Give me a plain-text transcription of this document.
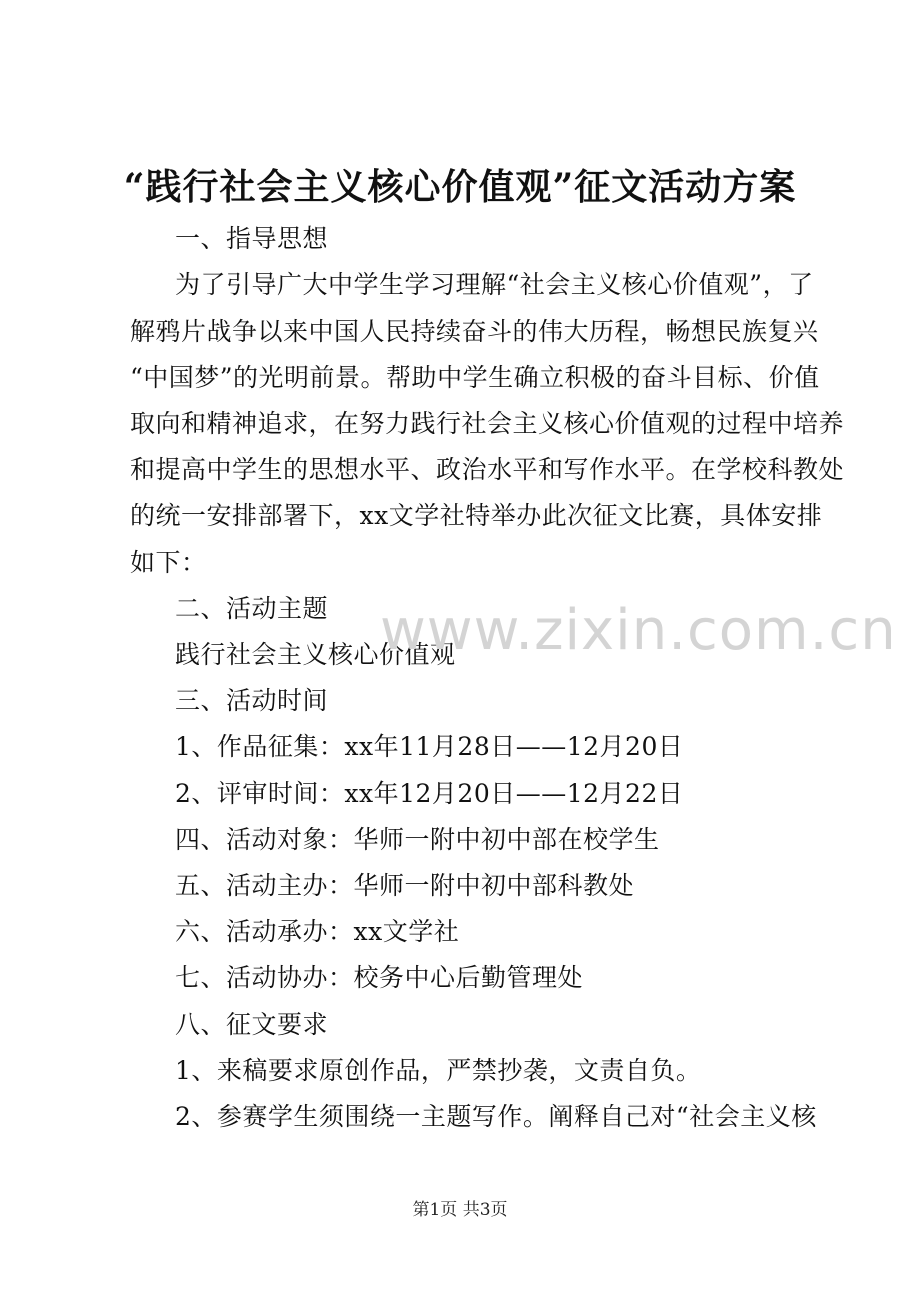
“践行社会主义核心价值观”征文活动方案
一、指导思想
为了引导广大中学生学习理解“社会主义核心价值观”，了
解鸦片战争以来中国人民持续奋斗的伟大历程，畅想民族复兴
“中国梦”的光明前景。帮助中学生确立积极的奋斗目标、价值
取向和精神追求，在努力践行社会主义核心价值观的过程中培养
和提高中学生的思想水平、政治水平和写作水平。在学校科教处
的统一安排部署下，xx文学社特举办此次征文比赛，具体安排
如下：
二、活动主题
践行社会主义核心价值观
三、活动时间
1、作品征集：xx年11月28日——12月20日
2、评审时间：xx年12月20日——12月22日
四、活动对象：华师一附中初中部在校学生
五、活动主办：华师一附中初中部科教处
六、活动承办：xx文学社
七、活动协办：校务中心后勤管理处
八、征文要求
1、来稿要求原创作品，严禁抄袭，文责自负。
2、参赛学生须围绕一主题写作。阐释自己对“社会主义核
www.zixin.com.cn
第1页 共3页
